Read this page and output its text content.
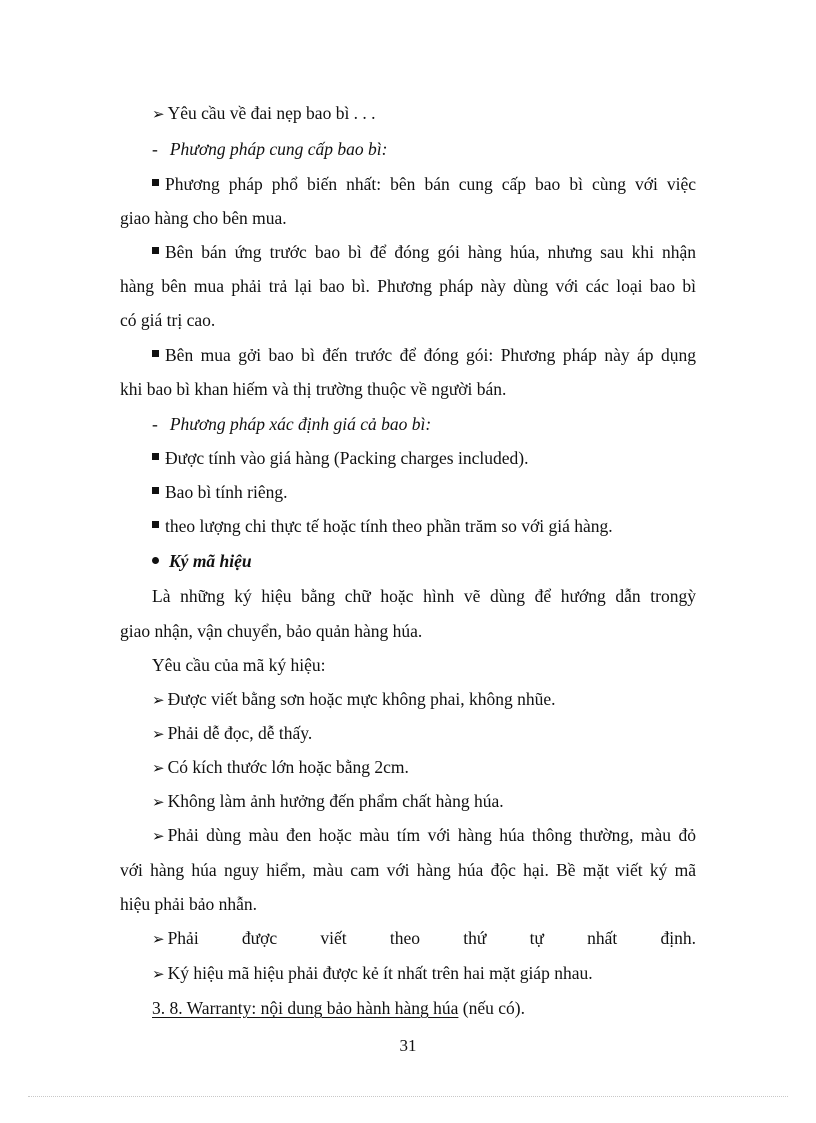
➢ Yêu cầu về đai nẹp bao bì . . .
- Phương pháp cung cấp bao bì:
Phương pháp phổ biến nhất: bên bán cung cấp bao bì cùng với việc
giao hàng cho bên mua.
Bên bán ứng trước bao bì để đóng gói hàng húa, nhưng sau khi nhận
hàng bên mua phải trả lại bao bì. Phương pháp này dùng với các loại bao bì
có giá trị cao.
Bên mua gởi bao bì đến trước để đóng gói: Phương pháp này áp dụng
khi bao bì khan hiếm và thị trường thuộc về người bán.
- Phương pháp xác định giá cả bao bì:
Được tính vào giá hàng (Packing charges included).
Bao bì tính riêng.
theo lượng chi thực tế hoặc tính theo phần trăm so với giá hàng.
Ký mã hiệu
Là những ký hiệu bằng chữ hoặc hình vẽ dùng để hướng dẫn trongỳ
giao nhận, vận chuyển, bảo quản hàng húa.
Yêu cầu của mã ký hiệu:
➢ Được viết bằng sơn hoặc mực không phai, không nhũe.
➢ Phải dễ đọc, dễ thấy.
➢ Có kích thước lớn hoặc bằng 2cm.
➢ Không làm ảnh hưởng đến phẩm chất hàng húa.
➢ Phải dùng màu đen hoặc màu tím với hàng húa thông thường, màu đỏ
với hàng húa nguy hiểm, màu cam với hàng húa độc hại. Bề mặt viết ký mã
hiệu phải bảo nhẫn.
➢ Phải được viết theo thứ tự nhất định.
➢ Ký hiệu mã hiệu phải được kẻ ít nhất trên hai mặt giáp nhau.
3. 8. Warranty: nội dung bảo hành hàng húa (nếu có).
31
